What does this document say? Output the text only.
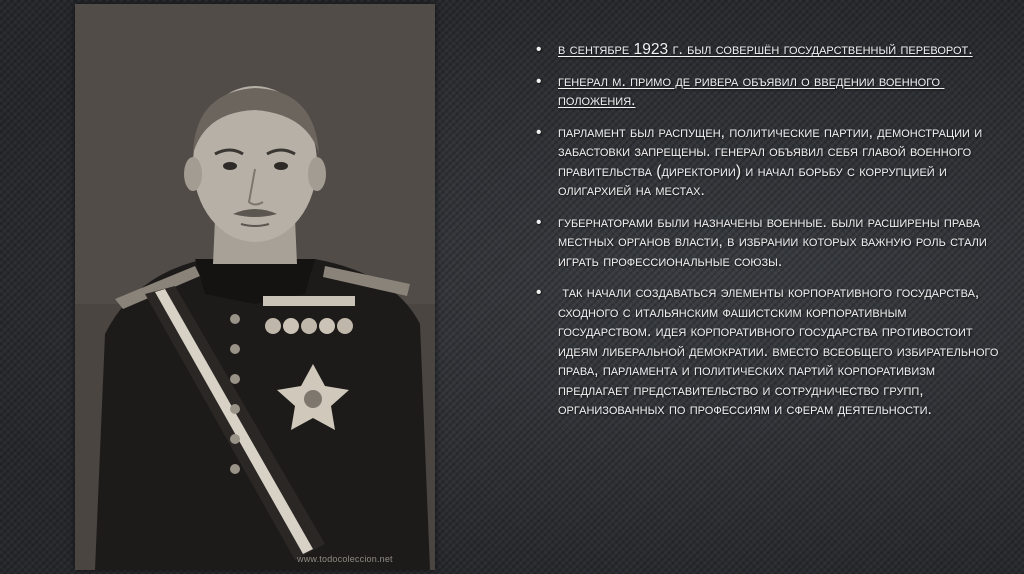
www.todocoleccion.net
• в сентябре 1923 г. был совершён государственный переворот.
• генерал м. примо де ривера объявил о введении военного положения.
• парламент был распущен, политические партии, демонстрации и забастовки запрещены. генерал объявил себя главой военного правительства (директории) и начал борьбу с коррупцией и олигархией на местах.
• губернаторами были назначены военные. были расширены права местных органов власти, в избрании которых важную роль стали играть профессиональные союзы.
• так начали создаваться элементы корпоративного государства, сходного с итальянским фашистским корпоративным государством. идея корпоративного государства противостоит идеям либеральной демократии. вместо всеобщего избирательного права, парламента и политических партий корпоративизм предлагает представительство и сотрудничество групп, организованных по профессиям и сферам деятельности.
